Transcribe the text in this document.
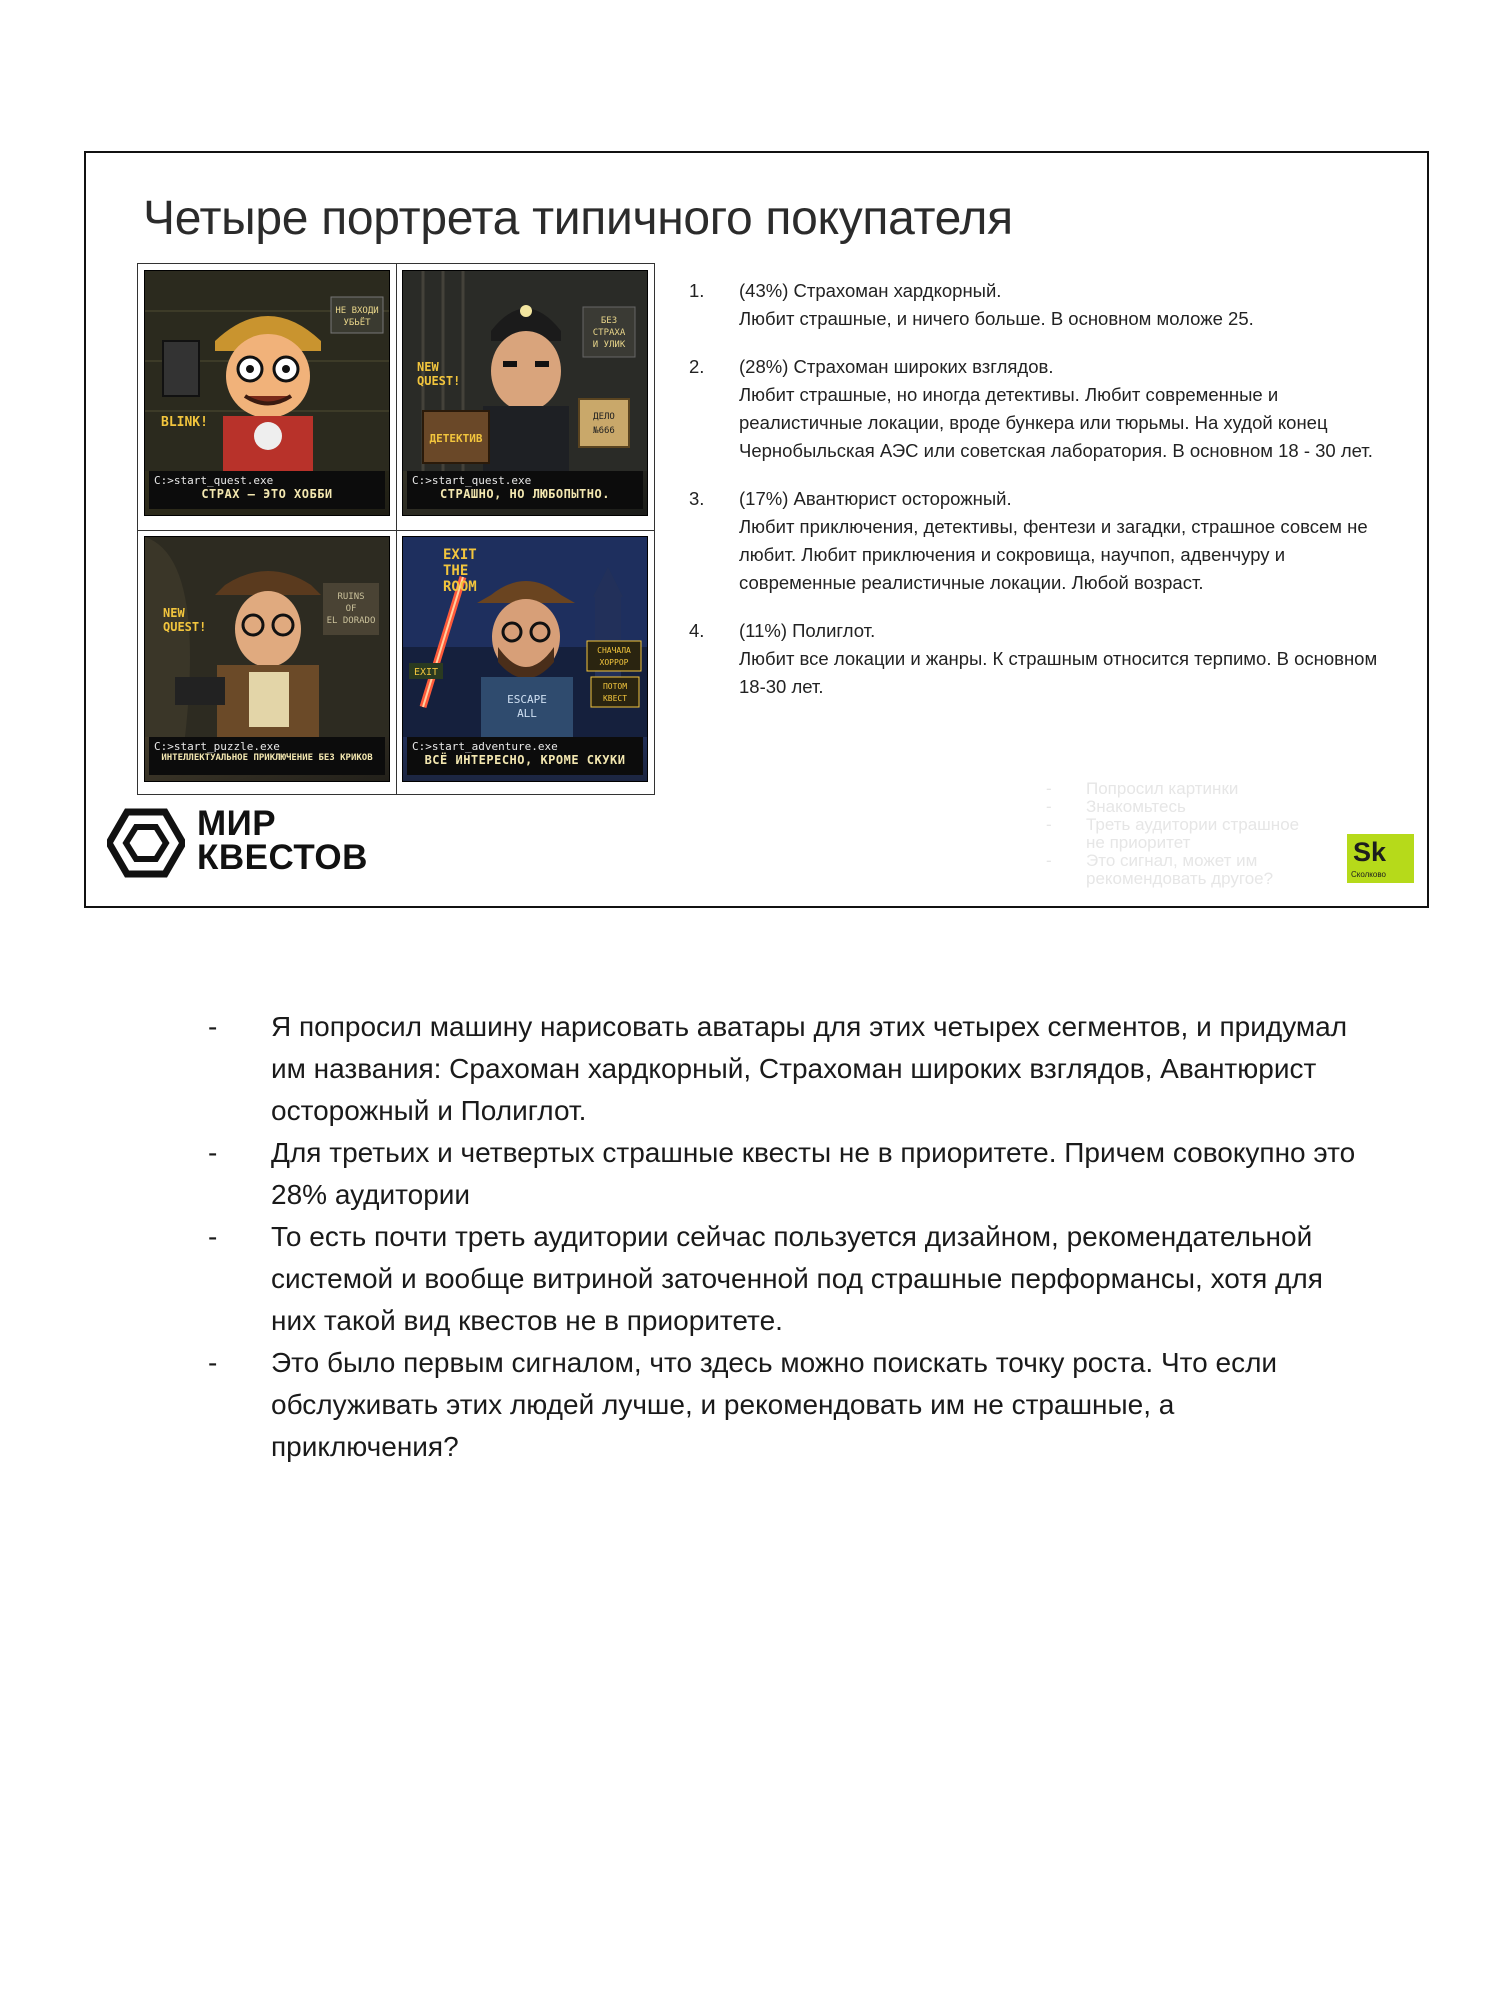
Четыре портрета типичного покупателя
НЕ ВХОДИ
УБЬЁТ
BLINK!
C:>start_quest.exe
СТРАХ — ЭТО ХОББИ
ДЕТЕКТИВ
ДЕЛО
№666
БЕЗ
СТРАХА
И УЛИК
NEW
QUEST!
C:>start_quest.exe
СТРАШНО, НО ЛЮБОПЫТНО.
RUINS
OF
EL DORADO
NEW
QUEST!
C:>start_puzzle.exe
ИНТЕЛЛЕКТУАЛЬНОЕ ПРИКЛЮЧЕНИЕ БЕЗ КРИКОВ
ESCAPE
ALL
EXIT
THE
ROOM
EXIT
СНАЧАЛА
ХОРРОР
ПОТОМ
КВЕСТ
C:>start_adventure.exe
ВСЁ ИНТЕРЕСНО, КРОМЕ СКУКИ
1. (43%) Страхоман хардкорный.
Любит страшные, и ничего больше. В основном моложе 25.
2. (28%) Страхоман широких взглядов.
Любит страшные, но иногда детективы. Любит современные и реалистичные локации, вроде бункера или тюрьмы. На худой конец Чернобыльская АЭС или советская лаборатория. В основном 18 - 30 лет.
3. (17%) Авантюрист осторожный.
Любит приключения, детективы, фентези и загадки, страшное совсем не любит. Любит приключения и сокровища, научпоп, адвенчуру и современные реалистичные локации. Любой возраст.
4. (11%) Полиглот.
Любит все локации и жанры. К страшным относится терпимо. В основном 18-30 лет.
- Попросил картинки
- Знакомьтесь
- Треть аудитории страшное не приоритет
- Это сигнал, может им рекомендовать другое?
МИР
КВЕСТОВ	Sk
Сколково
- Я попросил машину нарисовать аватары для этих четырех сегментов, и придумал им названия: Срахоман хардкорный, Страхоман широких взглядов, Авантюрист осторожный и Полиглот.
- Для третьих и четвертых страшные квесты не в приоритете. Причем совокупно это 28% аудитории
- То есть почти треть аудитории сейчас пользуется дизайном, рекомендательной системой и вообще витриной заточенной под страшные перформансы, хотя для них такой вид квестов не в приоритете.
- Это было первым сигналом, что здесь можно поискать точку роста. Что если обслуживать этих людей лучше, и рекомендовать им не страшные, а приключения?
